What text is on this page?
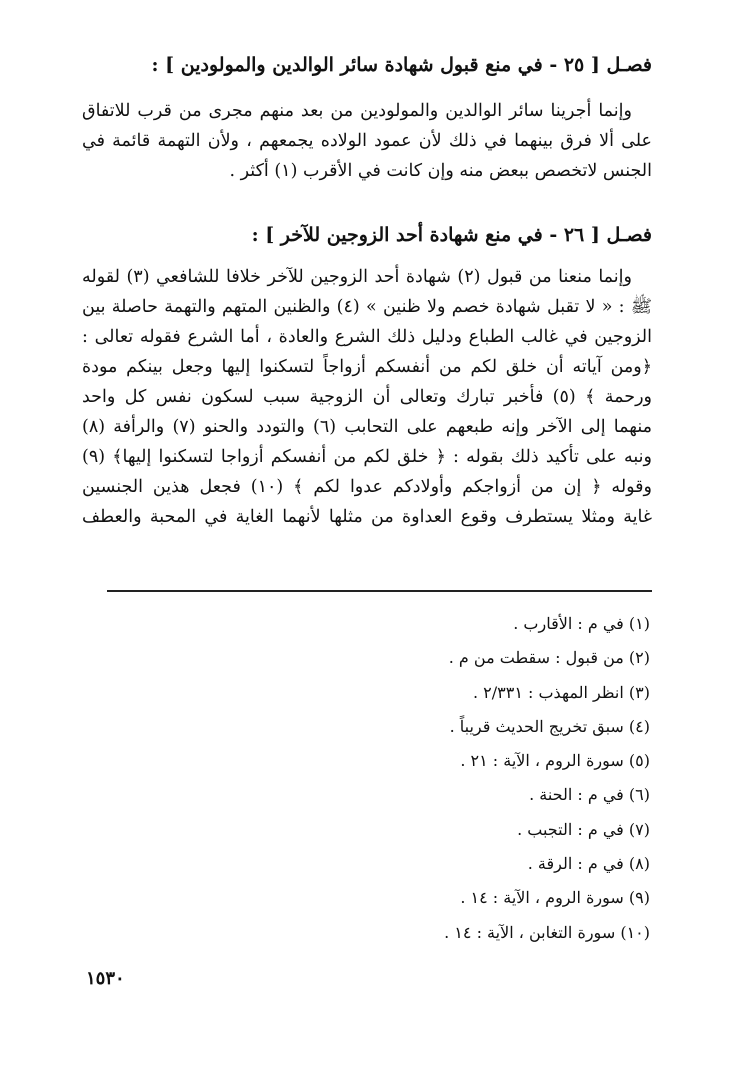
فصـل [ ٢٥ - في منع قبول شهادة سائر الوالدين والمولودين ] :
وإنما أجرينا سائر الوالدين والمولودين من بعد منهم مجرى من قرب للاتفاق
على ألا فرق بينهما في ذلك لأن عمود الولاده يجمعهم ، ولأن التهمة قائمة في
الجنس لاتخصص ببعض منه وإن كانت في الأقرب (١) أكثر .
فصـل [ ٢٦ - في منع شهادة أحد الزوجين للآخر ] :
وإنما منعنا من قبول (٢) شهادة أحد الزوجين للآخر خلافا للشافعي (٣) لقوله
ﷺ : « لا تقبل شهادة خصم ولا ظنين » (٤) والظنين المتهم والتهمة حاصلة بين
الزوجين في غالب الطباع ودليل ذلك الشرع والعادة ، أما الشرع فقوله تعالى :
﴿ومن آياته أن خلق لكم من أنفسكم أزواجاً لتسكنوا إليها وجعل بينكم مودة
ورحمة ﴾ (٥) فأخبر تبارك وتعالى أن الزوجية سبب لسكون نفس كل واحد
منهما إلى الآخر وإنه طبعهم على التحابب (٦) والتودد والحنو (٧) والرأفة (٨)
ونبه على تأكيد ذلك بقوله : ﴿ خلق لكم من أنفسكم أزواجا لتسكنوا إليها﴾ (٩)
وقوله ﴿ إن من أزواجكم وأولادكم عدوا لكم ﴾ (١٠) فجعل هذين الجنسين
غاية ومثلا يستطرف وقوع العداوة من مثلها لأنهما الغاية في المحبة والعطف
(١) في م : الأقارب .
(٢) من قبول : سقطت من م .
(٣) انظر المهذب : ٢/٣٣١ .
(٤) سبق تخريج الحديث قريباً .
(٥) سورة الروم ، الآية : ٢١ .
(٦) في م : الحنة .
(٧) في م : التجبب .
(٨) في م : الرقة .
(٩) سورة الروم ، الآية : ١٤ .
(١٠) سورة التغابن ، الآية : ١٤ .
١٥٣٠
